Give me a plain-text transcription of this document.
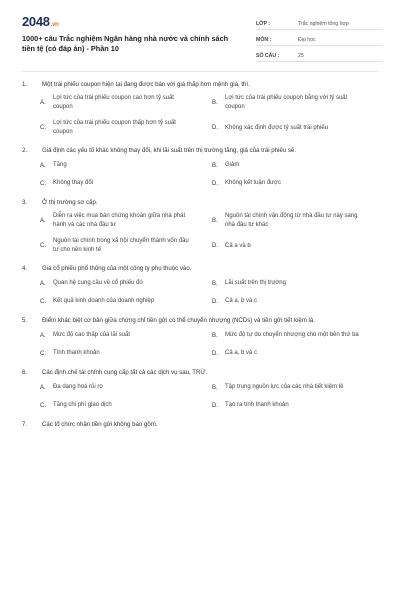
2048.vn
1000+ câu Trắc nghiệm Ngân hàng nhà nước và chính sách tiền tệ (có đáp án) - Phần 10
LỚP :	Trắc nghiệm tổng hợp
MÔN :	Đại học
SỐ CÂU :	25
1. Một trái phiếu coupon hiện tại đang được bán với giá thấp hơn mệnh giá, thì.
A.
Lợi tức của trái phiếu coupon cao hơn tỷ suất coupon
B.
Lợi tức của trái phiếu coupon bằng với tỷ suất coupon
C.
Lợi tức của trái phiếu coupon thấp hơn tỷ suất coupon
D.	Không xác định được tỷ suất trái phiếu
2. Giả định các yếu tố khác không thay đổi, khi lãi suất trên thị trường tăng, giá của trái phiếu sẽ.
A.	Tăng	B.	Giảm
C.	Không thay đổi	D.	Không kết luận được
3. Ở thị trường sơ cấp.
A.
Diễn ra việc mua bán chứng khoán giữa nhà phát hành và các nhà đầu tư
B.
Nguồn tài chính vận động từ nhà đầu tư này sang nhà đầu tư khác
C.
Nguồn tài chính trong xã hội chuyển thành vốn đầu tư cho nền kinh tế
D.	Cả a và b
4. Giá cổ phiếu phổ thông của một công ty phụ thuộc vào.
A.	Quan hệ cung cầu về cổ phiếu đó	B.	Lãi suất trên thị trường
C.	Kết quả kinh doanh của doanh nghiệp	D.	Cả a, b và c
5. Điểm khác biệt cơ bản giữa chứng chỉ tiền gửi có thể chuyển nhượng (NCDs) và tiền gửi tiết kiệm là.
A.	Mức độ cao thấp của lãi suất	B.	Mức độ tự do chuyển nhượng cho một bên thứ ba
C.	Tính thanh khoản	D.	Cả a, b và c
6. Các định chế tài chính cung cấp tất cả các dịch vụ sau, TRỪ.
A.	Đa dạng hoá rủi ro	B.	Tập trung nguồn lực của các nhà tiết kiệm lẻ
C.	Tăng chi phí giao dịch	D.	Tạo ra tính thanh khoản
7. Các tổ chức nhận tiền gửi không bao gồm.
